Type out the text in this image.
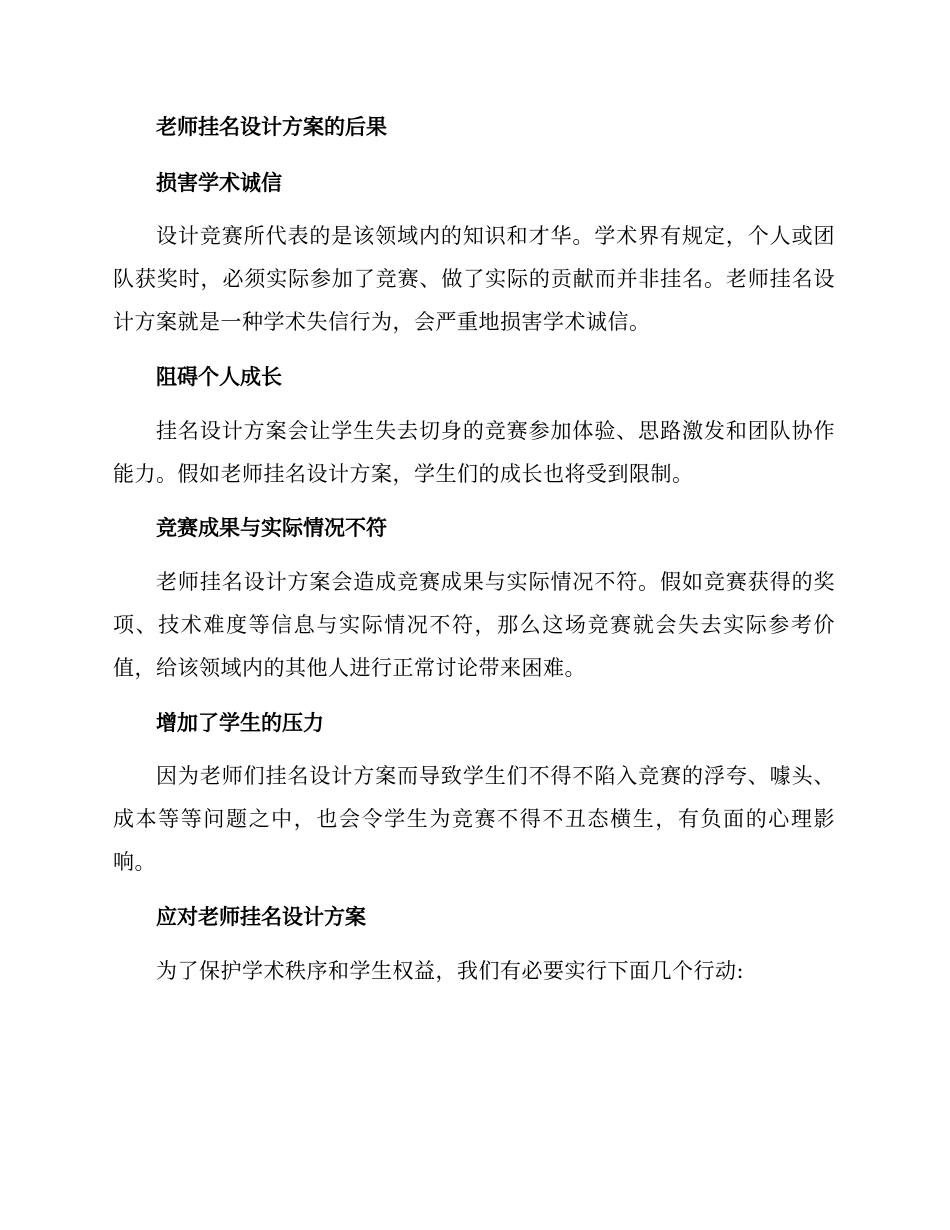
老师挂名设计方案的后果
损害学术诚信

设计竞赛所代表的是该领域内的知识和才华。学术界有规定，个人或团队获奖时，必须实际参加了竞赛、做了实际的贡献而并非挂名。老师挂名设计方案就是一种学术失信行为，会严重地损害学术诚信。

阻碍个人成长

挂名设计方案会让学生失去切身的竞赛参加体验、思路激发和团队协作能力。假如老师挂名设计方案，学生们的成长也将受到限制。

竞赛成果与实际情况不符

老师挂名设计方案会造成竞赛成果与实际情况不符。假如竞赛获得的奖项、技术难度等信息与实际情况不符，那么这场竞赛就会失去实际参考价值，给该领域内的其他人进行正常讨论带来困难。

增加了学生的压力

因为老师们挂名设计方案而导致学生们不得不陷入竞赛的浮夸、噱头、成本等等问题之中，也会令学生为竞赛不得不丑态横生，有负面的心理影响。

应对老师挂名设计方案

为了保护学术秩序和学生权益，我们有必要实行下面几个行动:
